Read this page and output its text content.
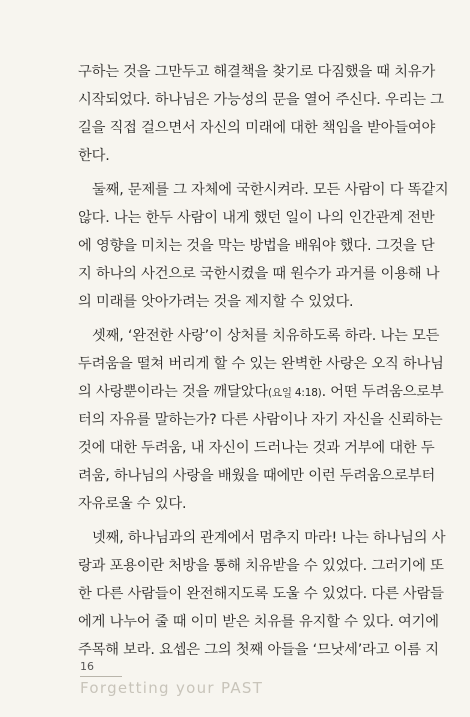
구하는 것을 그만두고 해결책을 찾기로 다짐했을 때 치유가
시작되었다. 하나님은 가능성의 문을 열어 주신다. 우리는 그
길을 직접 걸으면서 자신의 미래에 대한 책임을 받아들여야
한다.
둘째, 문제를 그 자체에 국한시켜라. 모든 사람이 다 똑같지
않다. 나는 한두 사람이 내게 했던 일이 나의 인간관계 전반
에 영향을 미치는 것을 막는 방법을 배워야 했다. 그것을 단
지 하나의 사건으로 국한시켰을 때 원수가 과거를 이용해 나
의 미래를 앗아가려는 것을 제지할 수 있었다.
셋째, ‘완전한 사랑’이 상처를 치유하도록 하라. 나는 모든
두려움을 떨쳐 버리게 할 수 있는 완벽한 사랑은 오직 하나님
의 사랑뿐이라는 것을 깨달았다(요일 4:18). 어떤 두려움으로부
터의 자유를 말하는가? 다른 사람이나 자기 자신을 신뢰하는
것에 대한 두려움, 내 자신이 드러나는 것과 거부에 대한 두
려움, 하나님의 사랑을 배웠을 때에만 이런 두려움으로부터
자유로울 수 있다.
넷째, 하나님과의 관계에서 멈추지 마라! 나는 하나님의 사
랑과 포용이란 처방을 통해 치유받을 수 있었다. 그러기에 또
한 다른 사람들이 완전해지도록 도울 수 있었다. 다른 사람들
에게 나누어 줄 때 이미 받은 치유를 유지할 수 있다. 여기에
주목해 보라. 요셉은 그의 첫째 아들을 ‘므낫세’라고 이름 지
16
Forgetting your PAST
